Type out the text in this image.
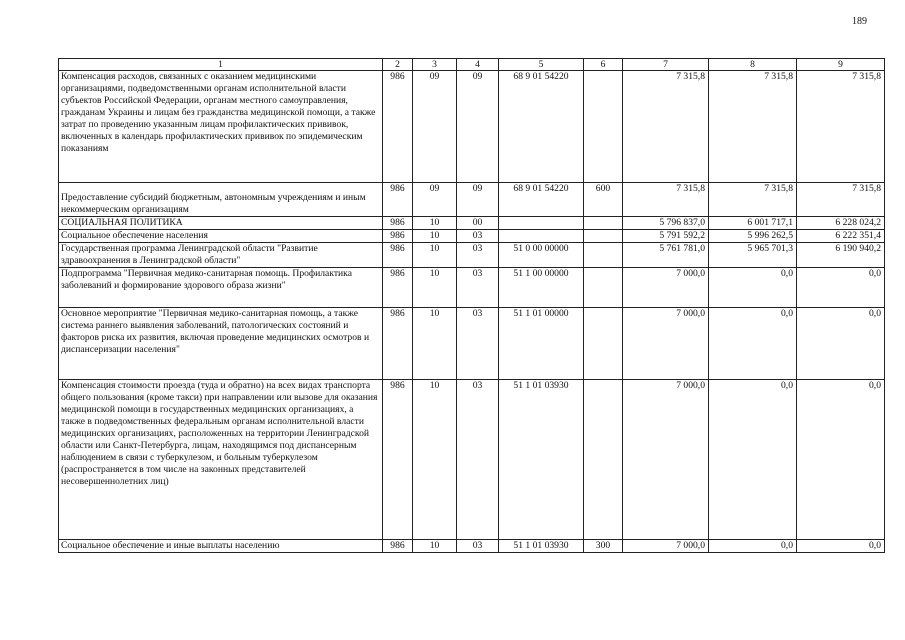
189
1	2	3	4	5	6	7	8	9
Компенсация расходов, связанных с оказанием медицинскими организациями, подведомственными органам исполнительной власти субъектов Российской Федерации, органам местного самоуправления, гражданам Украины и лицам без гражданства медицинской помощи, а также затрат по проведению указанным лицам профилактических прививок, включенных в календарь профилактических прививок по эпидемическим показаниям	986	09	09	68 9 01 54220		7 315,8	7 315,8	7 315,8
Предоставление субсидий бюджетным, автономным учреждениям и иным некоммерческим организациям	986	09	09	68 9 01 54220	600	7 315,8	7 315,8	7 315,8
СОЦИАЛЬНАЯ ПОЛИТИКА	986	10	00			5 796 837,0	6 001 717,1	6 228 024,2
Социальное обеспечение населения	986	10	03			5 791 592,2	5 996 262,5	6 222 351,4
Государственная программа Ленинградской области "Развитие здравоохранения в Ленинградской области"	986	10	03	51 0 00 00000		5 761 781,0	5 965 701,3	6 190 940,2
Подпрограмма "Первичная медико-санитарная помощь. Профилактика заболеваний и формирование здорового образа жизни"	986	10	03	51 1 00 00000		7 000,0	0,0	0,0
Основное мероприятие "Первичная медико-санитарная помощь, а также система раннего выявления заболеваний, патологических состояний и факторов риска их развития, включая проведение медицинских осмотров и диспансеризации населения"	986	10	03	51 1 01 00000		7 000,0	0,0	0,0
Компенсация стоимости проезда (туда и обратно) на всех видах транспорта общего пользования (кроме такси) при направлении или вызове для оказания медицинской помощи в государственных медицинских организациях, а также в подведомственных федеральным органам исполнительной власти медицинских организациях, расположенных на территории Ленинградской области или Санкт-Петербурга, лицам, находящимся под диспансерным наблюдением в связи с туберкулезом, и больным туберкулезом (распространяется в том числе на законных представителей несовершеннолетних лиц)	986	10	03	51 1 01 03930		7 000,0	0,0	0,0
Социальное обеспечение и иные выплаты населению	986	10	03	51 1 01 03930	300	7 000,0	0,0	0,0
